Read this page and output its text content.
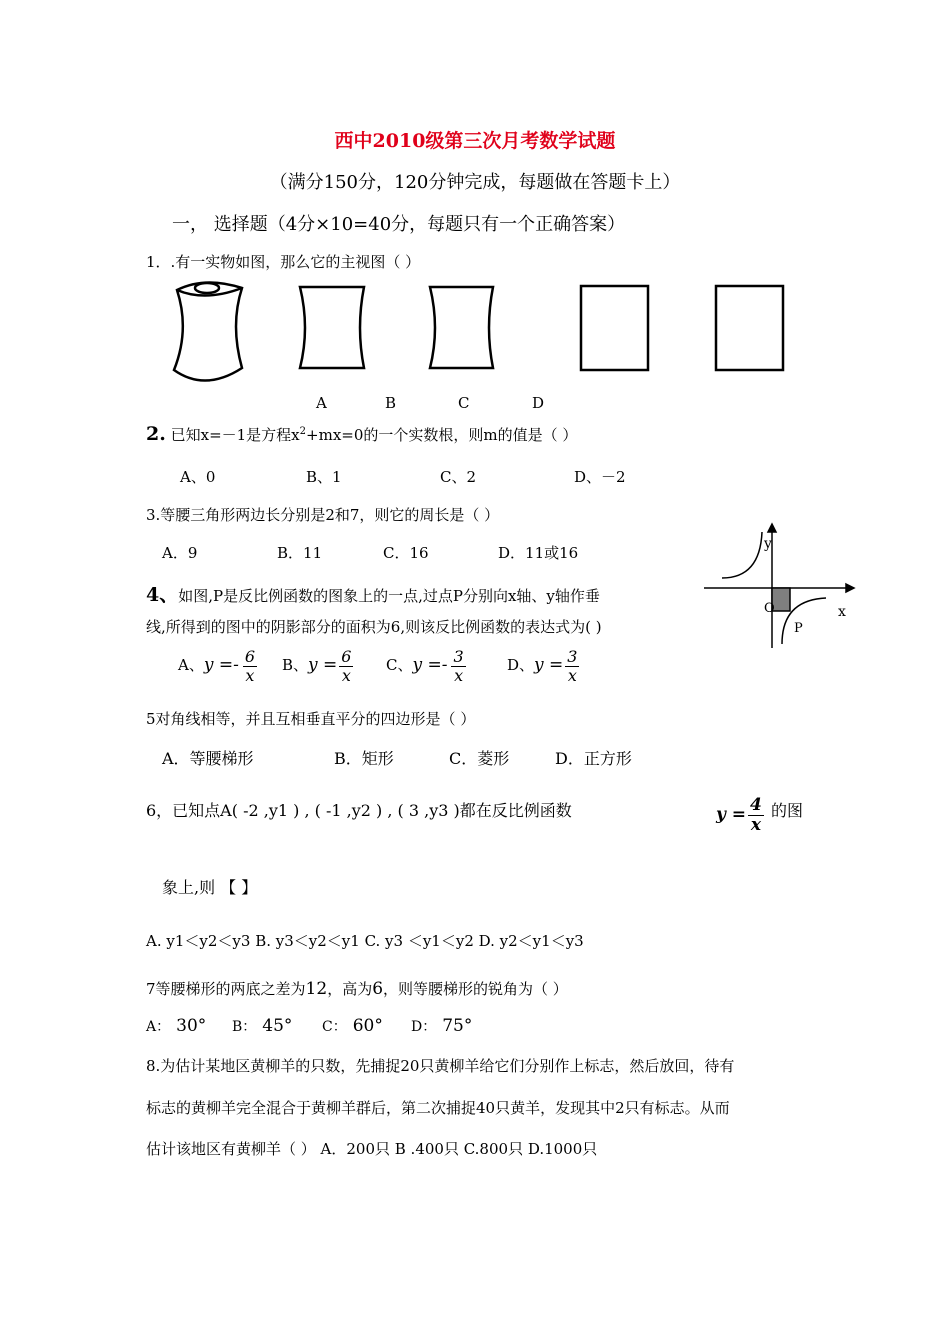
西中2010级第三次月考数学试题
（满分150分，120分钟完成，每题做在答题卡上）
一， 选择题（4分×10=40分，每题只有一个正确答案）
1．.有一实物如图，那么它的主视图（ ）
A	B	C	D
2. 已知x=－1是方程$x^2+mx=0$的一个实数根，则m的值是（ ）
A、0	B、1	C、2	D、－2
3.等腰三角形两边长分别是2和7，则它的周长是（ ）
A．9	B．11	C．16	D．11或16	y
x
O
P
4、如图,P是反比例函数的图象上的一点,过点P分别向x轴、y轴作垂
线,所得到的图中的阴影部分的面积为6,则该反比例函数的表达式为( )
A、$y =- \frac{6}{x}$ B、$y = \frac{6}{x}$ C、$y =- \frac{3}{x}$	D、$y = \frac{3}{x}$
5对角线相等，并且互相垂直平分的四边形是（ ）
A．等腰梯形	B．矩形	C．菱形	D．正方形
6，已知点A( -2 ,y1 ) , ( -1 ,y2 ) , ( 3 ,y3 )都在反比例函数	$y = \frac{4}{x}$ 的图
象上,则 【 】
A. y1＜y2＜y3 B. y3＜y2＜y1 C. y3 ＜y1＜y2 D. y2＜y1＜y3
7等腰梯形的两底之差为12，高为6，则等腰梯形的锐角为（ ）
A： 30° B： 45° C： 60° D： 75°
8.为估计某地区黄柳羊的只数，先捕捉20只黄柳羊给它们分别作上标志，然后放回，待有
标志的黄柳羊完全混合于黄柳羊群后，第二次捕捉40只黄羊，发现其中2只有标志。从而
估计该地区有黄柳羊（ ） A．200只 B .400只 C.800只 D.1000只
